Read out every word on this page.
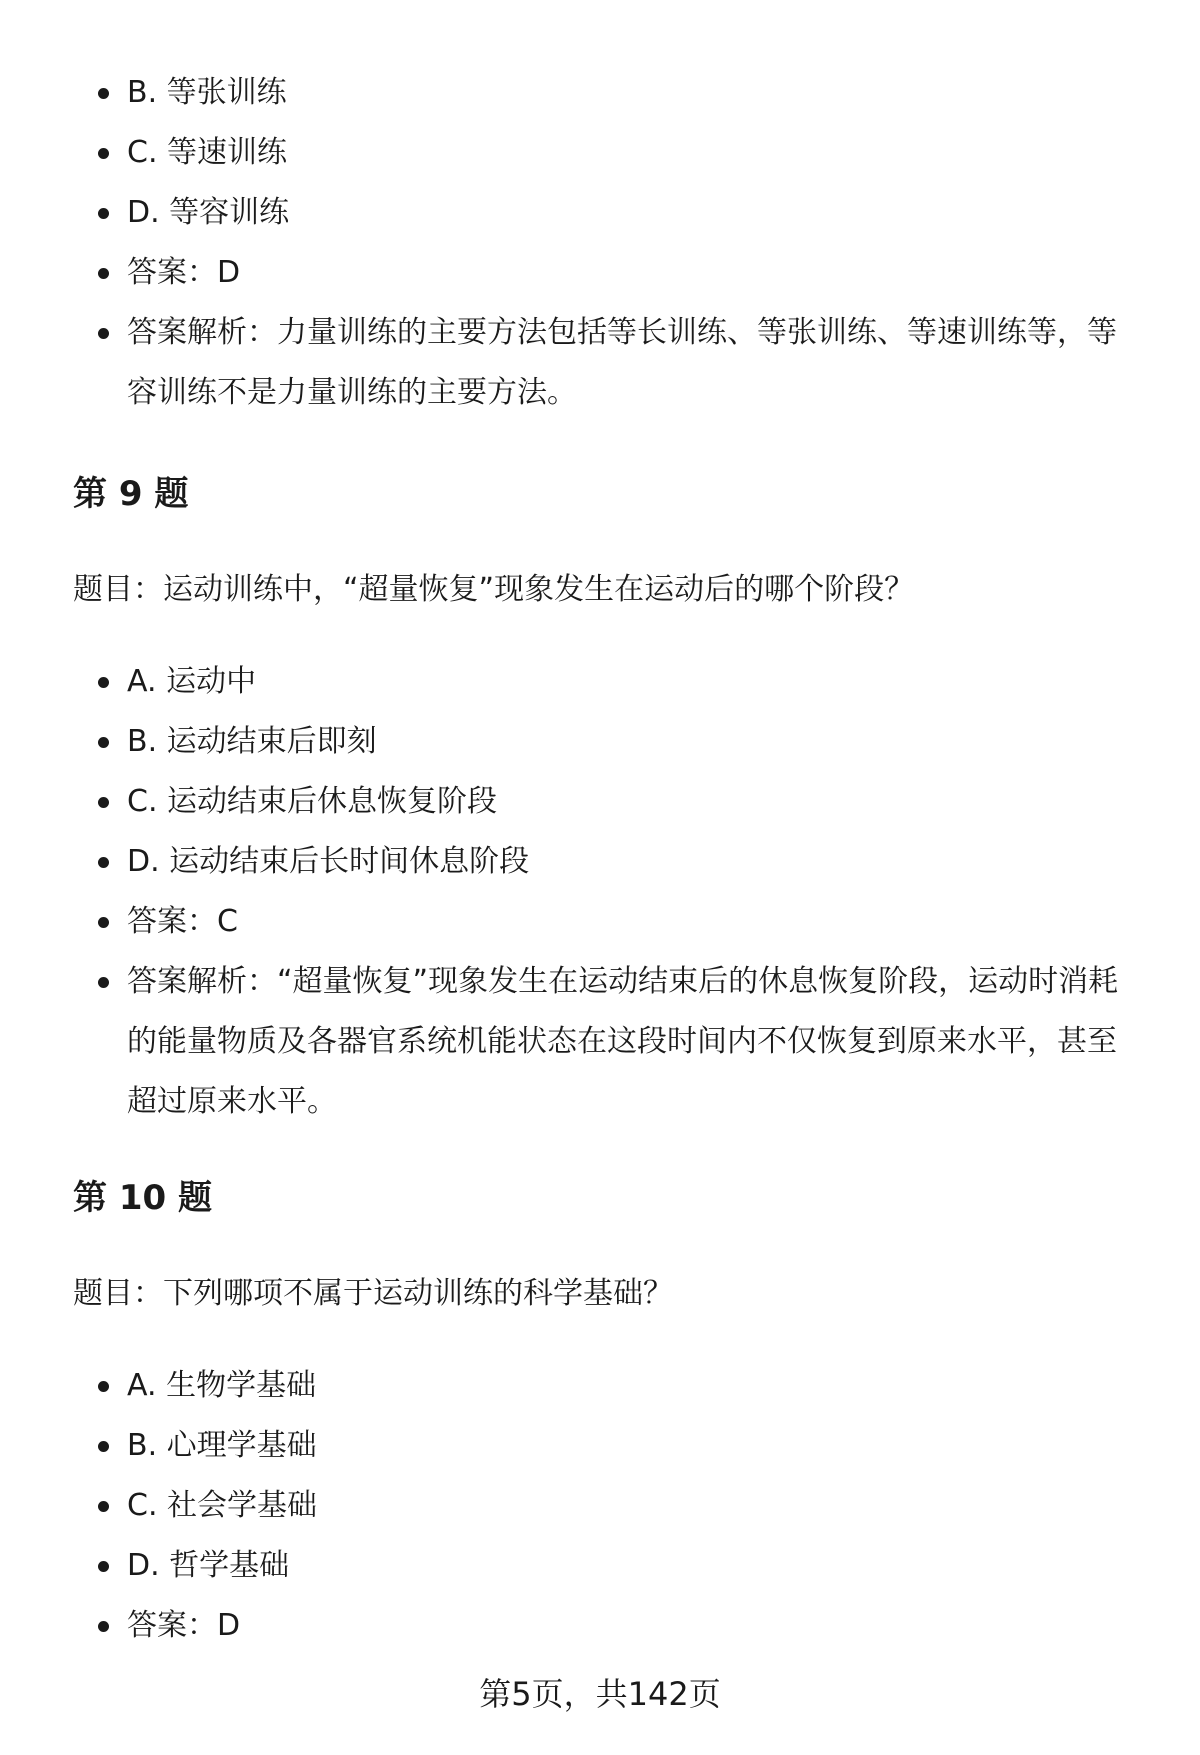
B. 等张训练
C. 等速训练
D. 等容训练
答案：D
答案解析：力量训练的主要方法包括等长训练、等张训练、等速训练等，等容训练不是力量训练的主要方法。
第 9 题

题目：运动训练中，“超量恢复”现象发生在运动后的哪个阶段？

A. 运动中
B. 运动结束后即刻
C. 运动结束后休息恢复阶段
D. 运动结束后长时间休息阶段
答案：C
答案解析：“超量恢复”现象发生在运动结束后的休息恢复阶段，运动时消耗的能量物质及各器官系统机能状态在这段时间内不仅恢复到原来水平，甚至超过原来水平。
第 10 题

题目：下列哪项不属于运动训练的科学基础？

A. 生物学基础
B. 心理学基础
C. 社会学基础
D. 哲学基础
答案：D
第5页，共142页
